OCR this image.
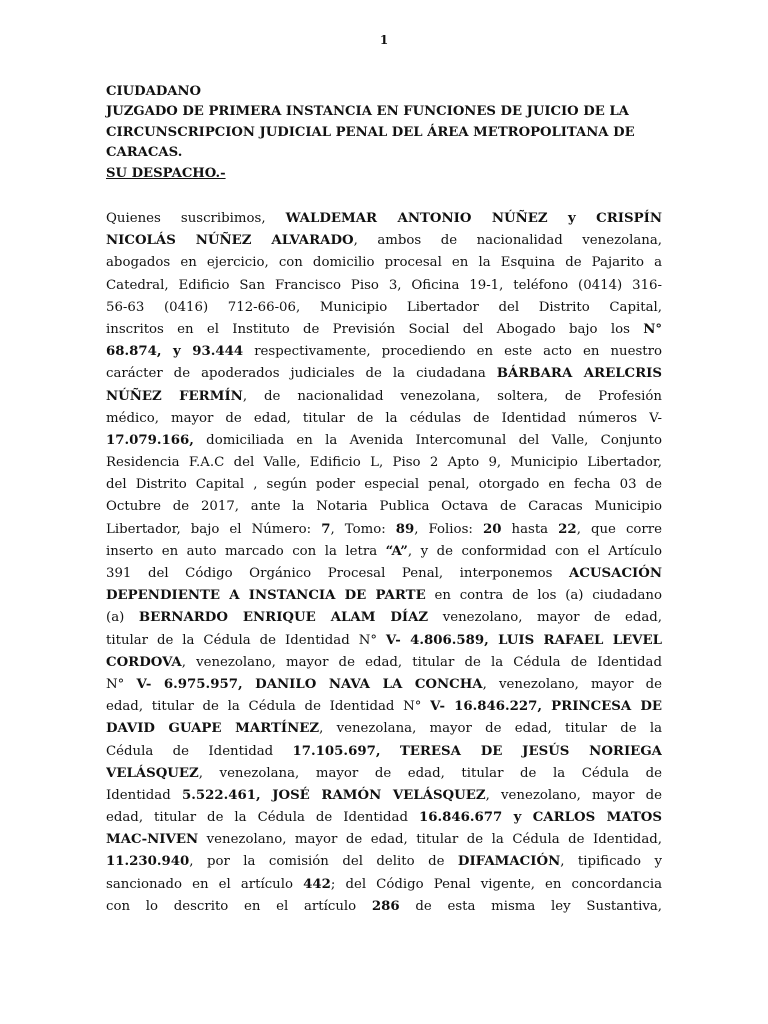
1
CIUDADANO
JUZGADO DE PRIMERA INSTANCIA EN FUNCIONES DE JUICIO DE LA
CIRCUNSCRIPCION JUDICIAL PENAL DEL ÁREA METROPOLITANA DE
CARACAS.
SU DESPACHO.-
Quienes suscribimos, WALDEMAR ANTONIO NÚÑEZ y CRISPÍN
NICOLÁS NÚÑEZ ALVARADO, ambos de nacionalidad venezolana,
abogados en ejercicio, con domicilio procesal en la Esquina de Pajarito a
Catedral, Edificio San Francisco Piso 3, Oficina 19-1, teléfono (0414) 316-
56-63 (0416) 712-66-06, Municipio Libertador del Distrito Capital,
inscritos en el Instituto de Previsión Social del Abogado bajo los N°
68.874, y 93.444 respectivamente, procediendo en este acto en nuestro
carácter de apoderados judiciales de la ciudadana BÁRBARA ARELCRIS
NÚÑEZ FERMÍN, de nacionalidad venezolana, soltera, de Profesión
médico, mayor de edad, titular de la cédulas de Identidad números V-
17.079.166, domiciliada en la Avenida Intercomunal del Valle, Conjunto
Residencia F.A.C del Valle, Edificio L, Piso 2 Apto 9, Municipio Libertador,
del Distrito Capital , según poder especial penal, otorgado en fecha 03 de
Octubre de 2017, ante la Notaria Publica Octava de Caracas Municipio
Libertador, bajo el Número: 7, Tomo: 89, Folios: 20 hasta 22, que corre
inserto en auto marcado con la letra “A”, y de conformidad con el Artículo
391 del Código Orgánico Procesal Penal, interponemos ACUSACIÓN
DEPENDIENTE A INSTANCIA DE PARTE en contra de los (a) ciudadano
(a) BERNARDO ENRIQUE ALAM DÍAZ venezolano, mayor de edad,
titular de la Cédula de Identidad N° V- 4.806.589, LUIS RAFAEL LEVEL
CORDOVA, venezolano, mayor de edad, titular de la Cédula de Identidad
N° V- 6.975.957, DANILO NAVA LA CONCHA, venezolano, mayor de
edad, titular de la Cédula de Identidad N° V- 16.846.227, PRINCESA DE
DAVID GUAPE MARTÍNEZ, venezolana, mayor de edad, titular de la
Cédula de Identidad 17.105.697, TERESA DE JESÚS NORIEGA
VELÁSQUEZ, venezolana, mayor de edad, titular de la Cédula de
Identidad 5.522.461, JOSÉ RAMÓN VELÁSQUEZ, venezolano, mayor de
edad, titular de la Cédula de Identidad 16.846.677 y CARLOS MATOS
MAC-NIVEN venezolano, mayor de edad, titular de la Cédula de Identidad,
11.230.940, por la comisión del delito de DIFAMACIÓN, tipificado y
sancionado en el artículo 442; del Código Penal vigente, en concordancia
con lo descrito en el artículo 286 de esta misma ley Sustantiva,
